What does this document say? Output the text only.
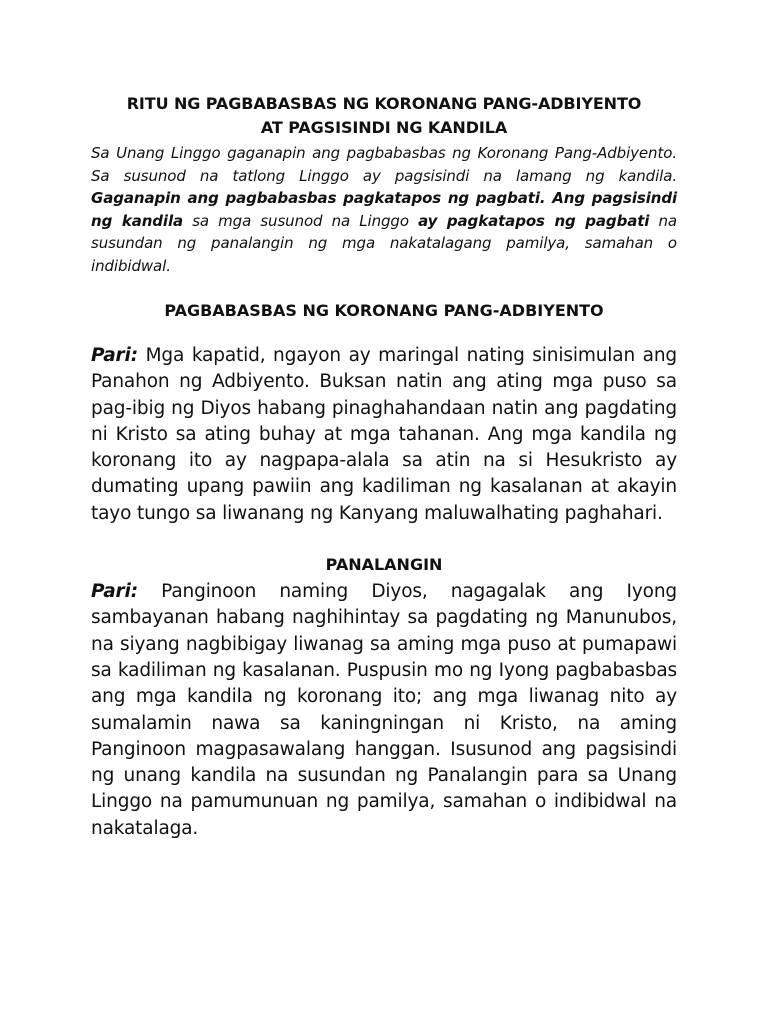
RITU NG PAGBABASBAS NG KORONANG PANG-ADBIYENTO
AT PAGSISINDI NG KANDILA

Sa Unang Linggo gaganapin ang pagbabasbas ng Koronang Pang-Adbiyento. Sa susunod na tatlong Linggo ay pagsisindi na lamang ng kandila. Gaganapin ang pagbabasbas pagkatapos ng pagbati. Ang pagsisindi ng kandila sa mga susunod na Linggo ay pagkatapos ng pagbati na susundan ng panalangin ng mga nakatalagang pamilya, samahan o indibidwal.

PAGBABASBAS NG KORONANG PANG-ADBIYENTO

Pari: Mga kapatid, ngayon ay maringal nating sinisimulan ang Panahon ng Adbiyento. Buksan natin ang ating mga puso sa pag-ibig ng Diyos habang pinaghahandaan natin ang pagdating ni Kristo sa ating buhay at mga tahanan. Ang mga kandila ng koronang ito ay nagpapa-alala sa atin na si Hesukristo ay dumating upang pawiin ang kadiliman ng kasalanan at akayin tayo tungo sa liwanang ng Kanyang maluwalhating paghahari.

PANALANGIN

Pari: Panginoon naming Diyos, nagagalak ang Iyong sambayanan habang naghihintay sa pagdating ng Manunubos, na siyang nagbibigay liwanag sa aming mga puso at pumapawi sa kadiliman ng kasalanan. Puspusin mo ng Iyong pagbabasbas ang mga kandila ng koronang ito; ang mga liwanag nito ay sumalamin nawa sa kaningningan ni Kristo, na aming Panginoon magpasawalang hanggan. Isusunod ang pagsisindi ng unang kandila na susundan ng Panalangin para sa Unang Linggo na pamumunuan ng pamilya, samahan o indibidwal na nakatalaga.
